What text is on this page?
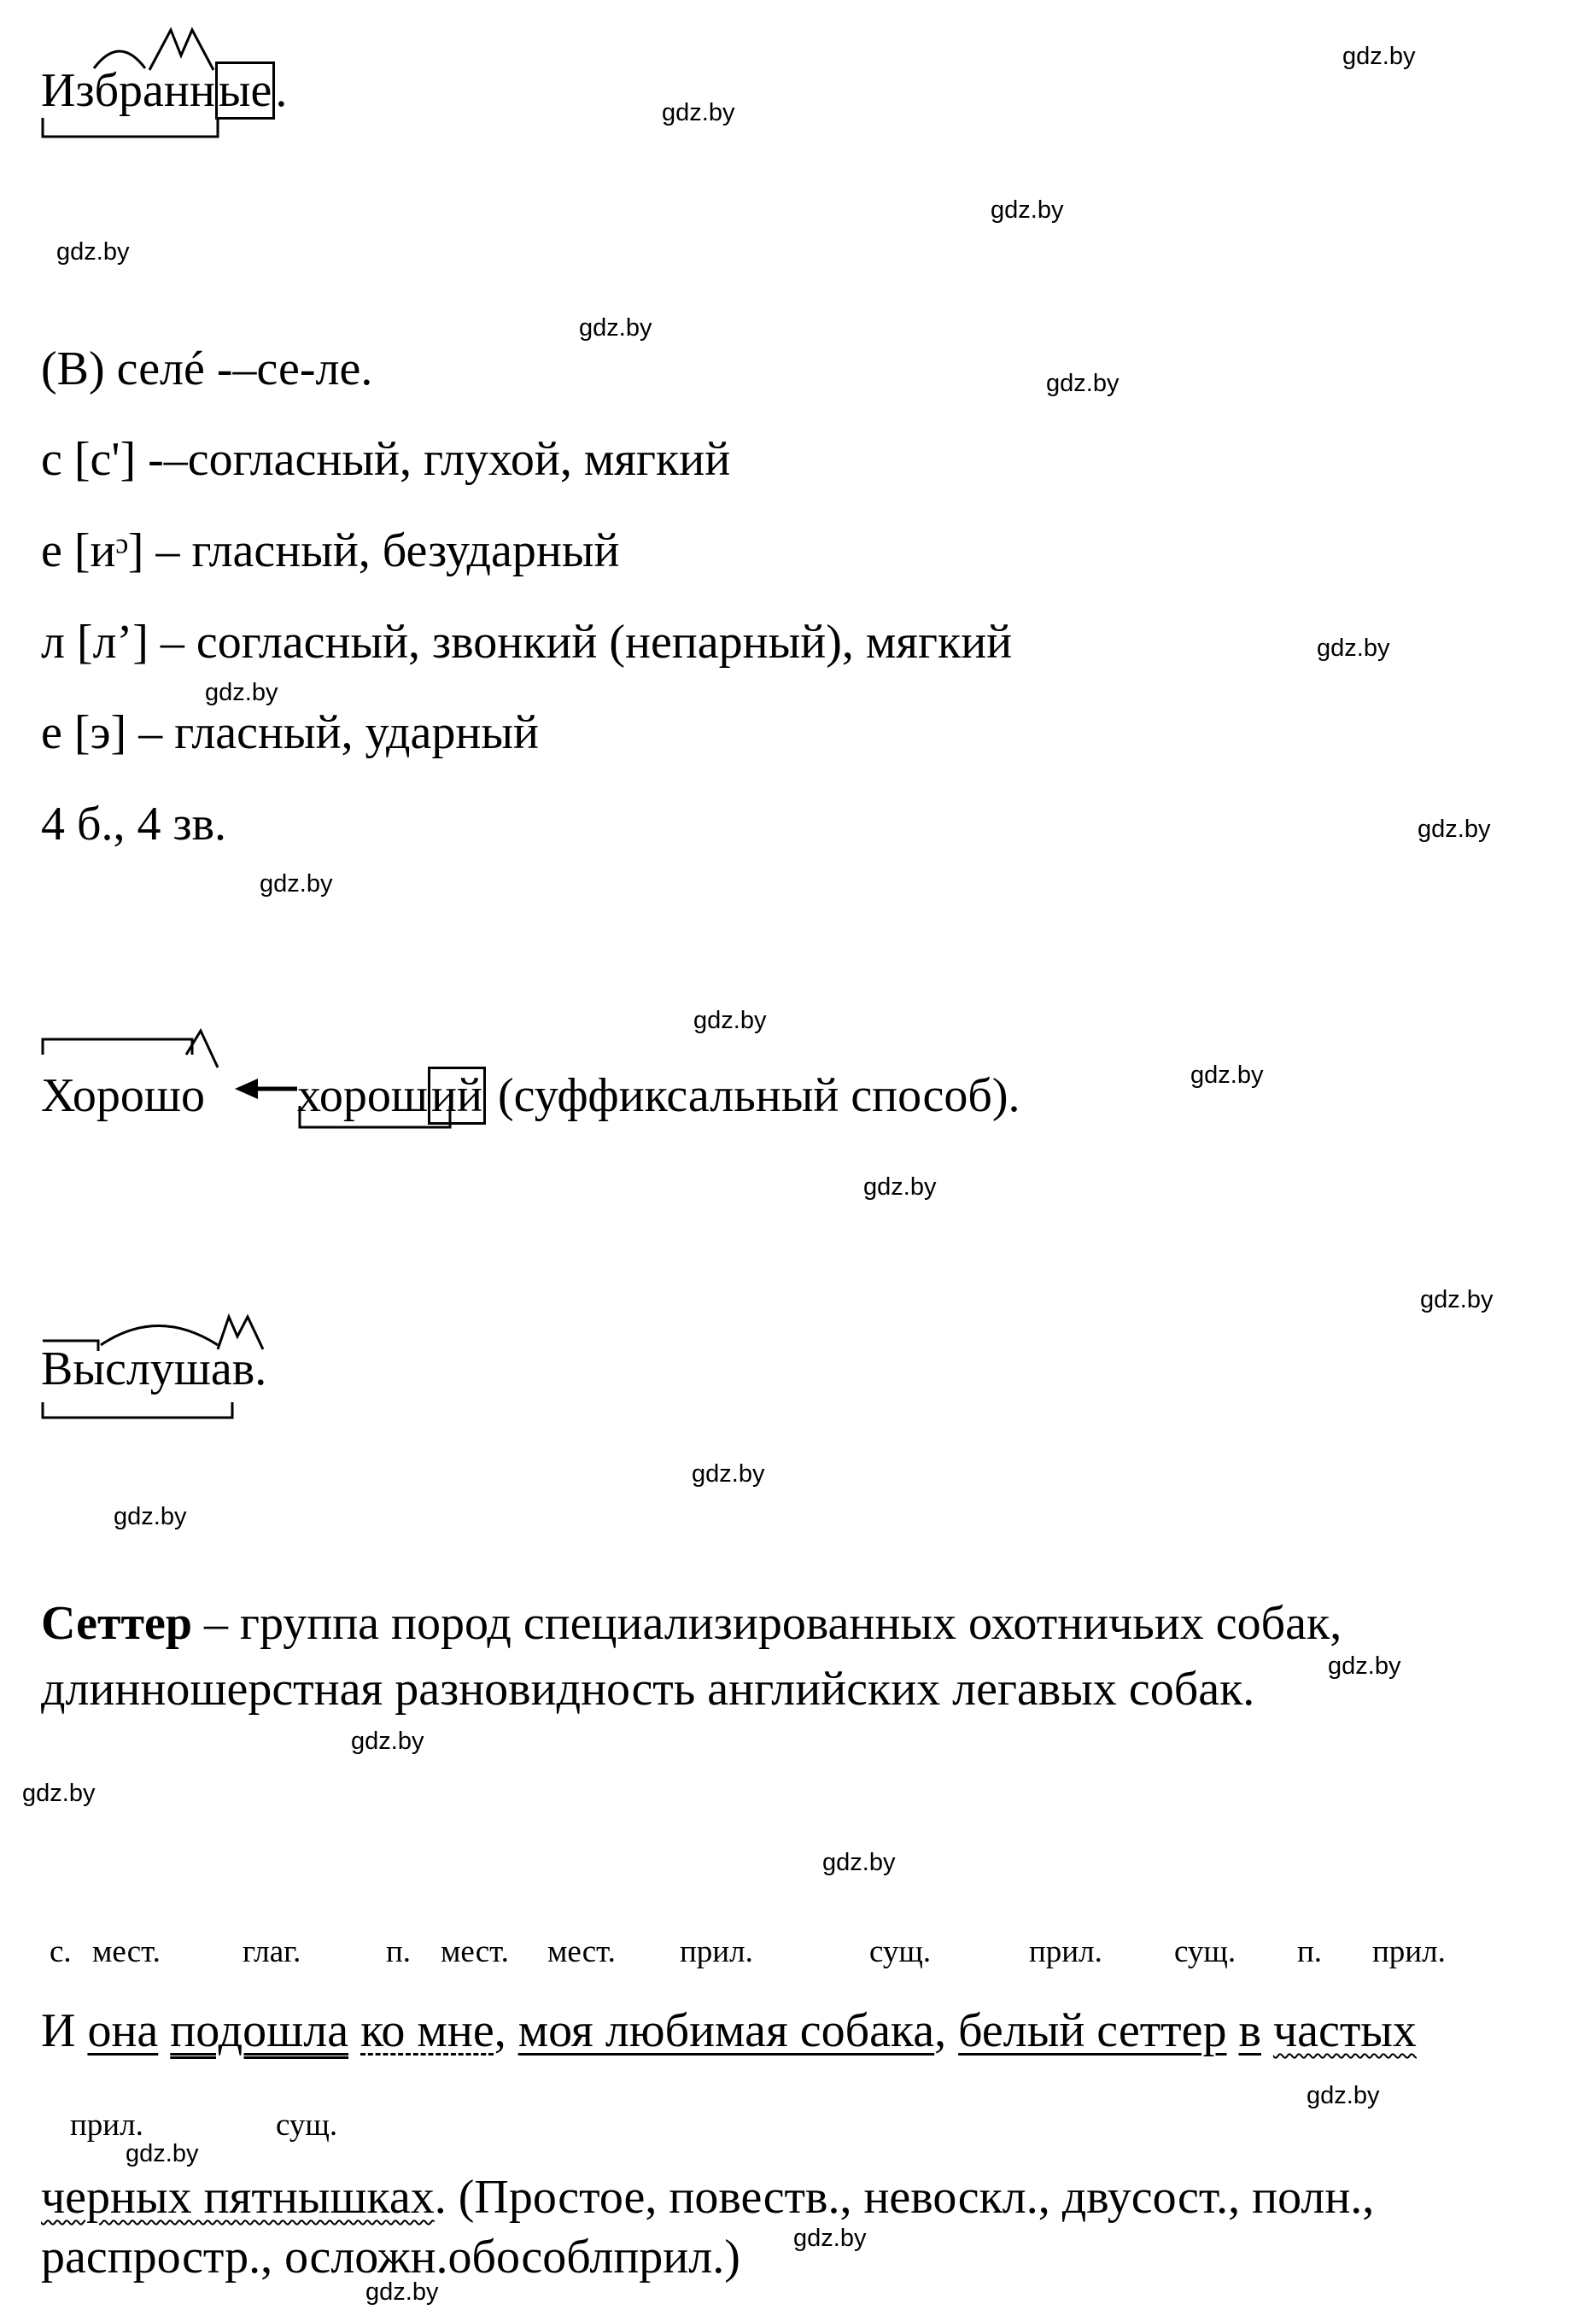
gdz.by
gdz.by
gdz.by
gdz.by
gdz.by
gdz.by
gdz.by
gdz.by
gdz.by
gdz.by
gdz.by
gdz.by
gdz.by
gdz.by
gdz.by
gdz.by
gdz.by
gdz.by
gdz.by
gdz.by
gdz.by
gdz.by
gdz.by
gdz.by
Избранные.
(В) селé -–се-ле.
с [с'] -–согласный, глухой, мягкий
е [иᵓ] – гласный, безударный
л [л’] – согласный, звонкий (непарный), мягкий
е [э] – гласный, ударный
4 б., 4 зв.
Хорошо хороший (суффиксальный способ).
Выслушав.
Сеттер – группа пород специализированных охотничьих собак,
длинношерстная разновидность английских легавых собак.
с. мест.	глаг.	п. мест. мест. прил.	сущ.	прил. сущ. п. прил.
И она подошла ко мне, моя любимая собака, белый сеттер в частых
прил.	сущ.
черных пятнышках. (Простое, повеств., невоскл., двусост., полн.,
распростр., осложн.обособлприл.)
